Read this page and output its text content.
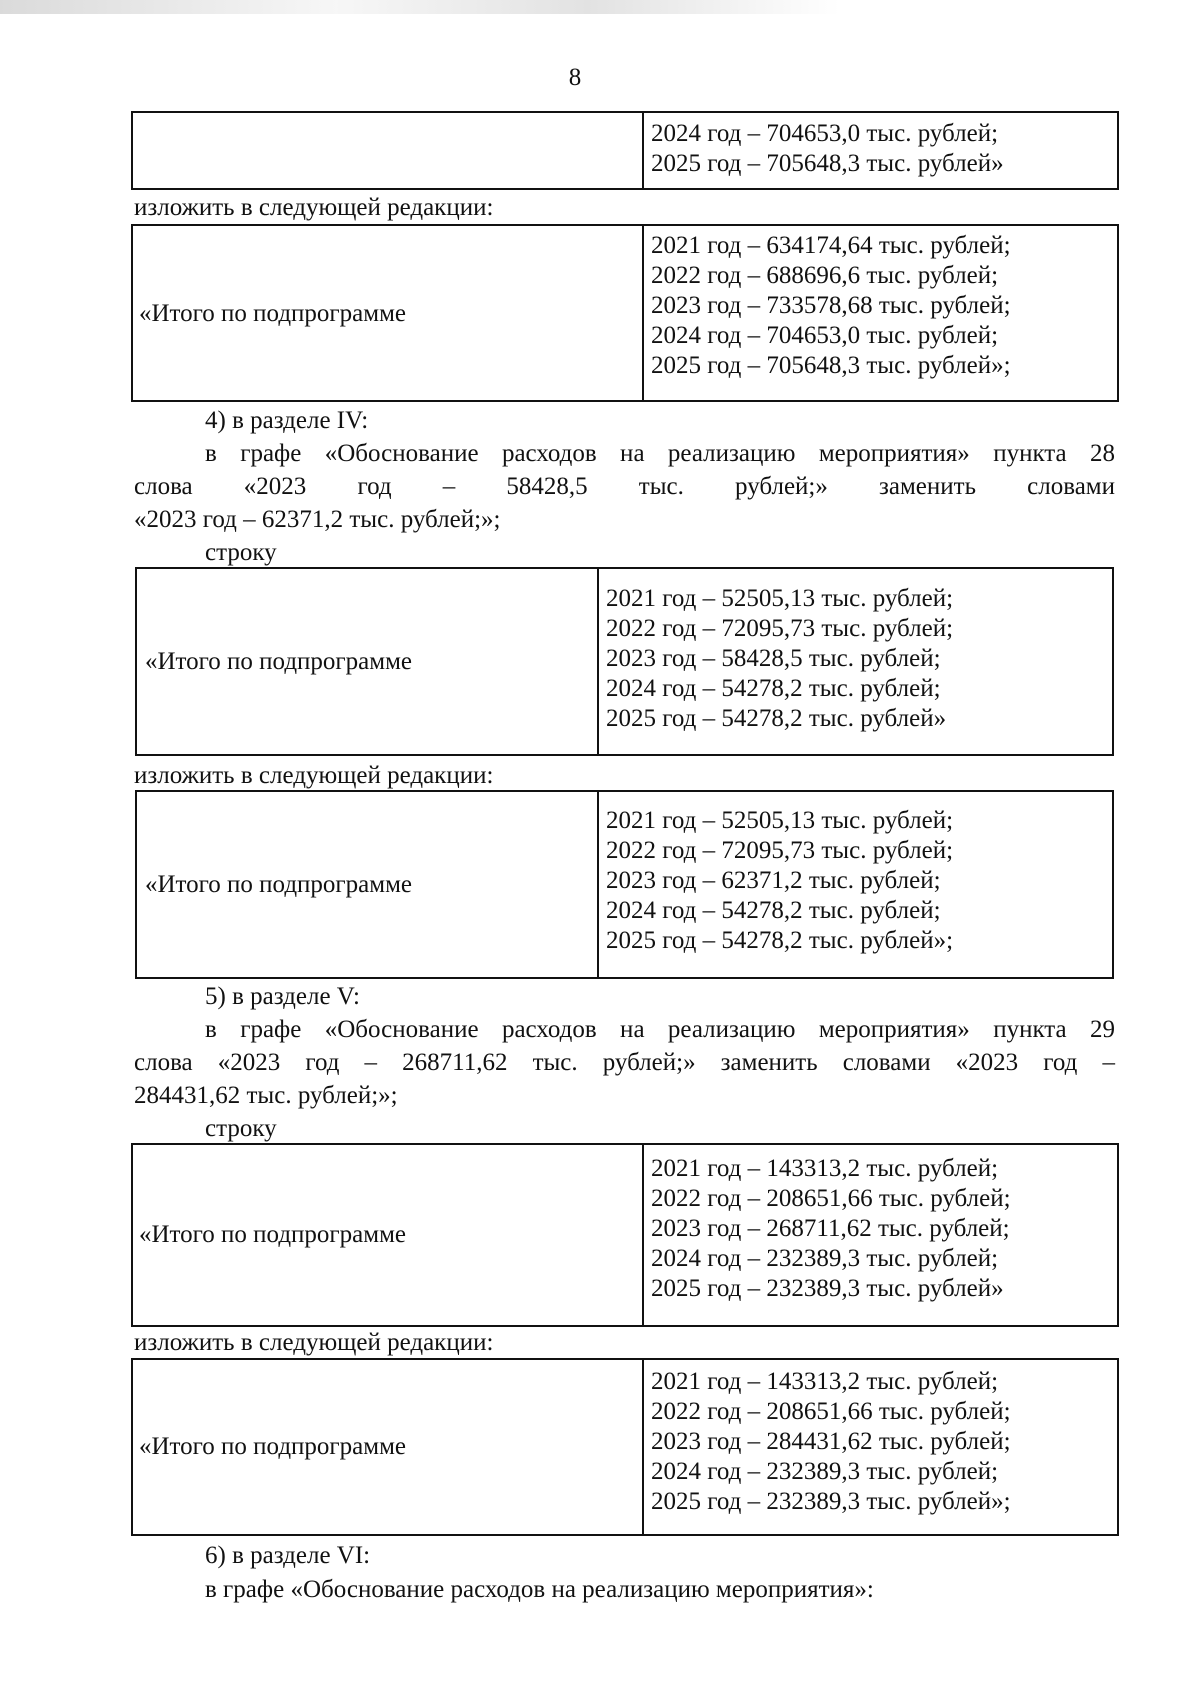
8
2024 год – 704653,0 тыс. рублей;
2025 год – 705648,3 тыс. рублей»
изложить в следующей редакции:
«Итого по подпрограмме
2021 год – 634174,64 тыс. рублей;
2022 год – 688696,6 тыс. рублей;
2023 год – 733578,68 тыс. рублей;
2024 год – 704653,0 тыс. рублей;
2025 год – 705648,3 тыс. рублей»;
4) в разделе IV:
в графе «Обоснование расходов на реализацию мероприятия» пункта 28
слова «2023 год – 58428,5 тыс. рублей;» заменить словами
«2023 год – 62371,2 тыс. рублей;»;
строку
«Итого по подпрограмме
2021 год – 52505,13 тыс. рублей;
2022 год – 72095,73 тыс. рублей;
2023 год – 58428,5 тыс. рублей;
2024 год – 54278,2 тыс. рублей;
2025 год – 54278,2 тыс. рублей»
изложить в следующей редакции:
«Итого по подпрограмме
2021 год – 52505,13 тыс. рублей;
2022 год – 72095,73 тыс. рублей;
2023 год – 62371,2 тыс. рублей;
2024 год – 54278,2 тыс. рублей;
2025 год – 54278,2 тыс. рублей»;
5) в разделе V:
в графе «Обоснование расходов на реализацию мероприятия» пункта 29
слова «2023 год – 268711,62 тыс. рублей;» заменить словами «2023 год –
284431,62 тыс. рублей;»;
строку
«Итого по подпрограмме
2021 год – 143313,2 тыс. рублей;
2022 год – 208651,66 тыс. рублей;
2023 год – 268711,62 тыс. рублей;
2024 год – 232389,3 тыс. рублей;
2025 год – 232389,3 тыс. рублей»
изложить в следующей редакции:
«Итого по подпрограмме
2021 год – 143313,2 тыс. рублей;
2022 год – 208651,66 тыс. рублей;
2023 год – 284431,62 тыс. рублей;
2024 год – 232389,3 тыс. рублей;
2025 год – 232389,3 тыс. рублей»;
6) в разделе VI:
в графе «Обоснование расходов на реализацию мероприятия»:
